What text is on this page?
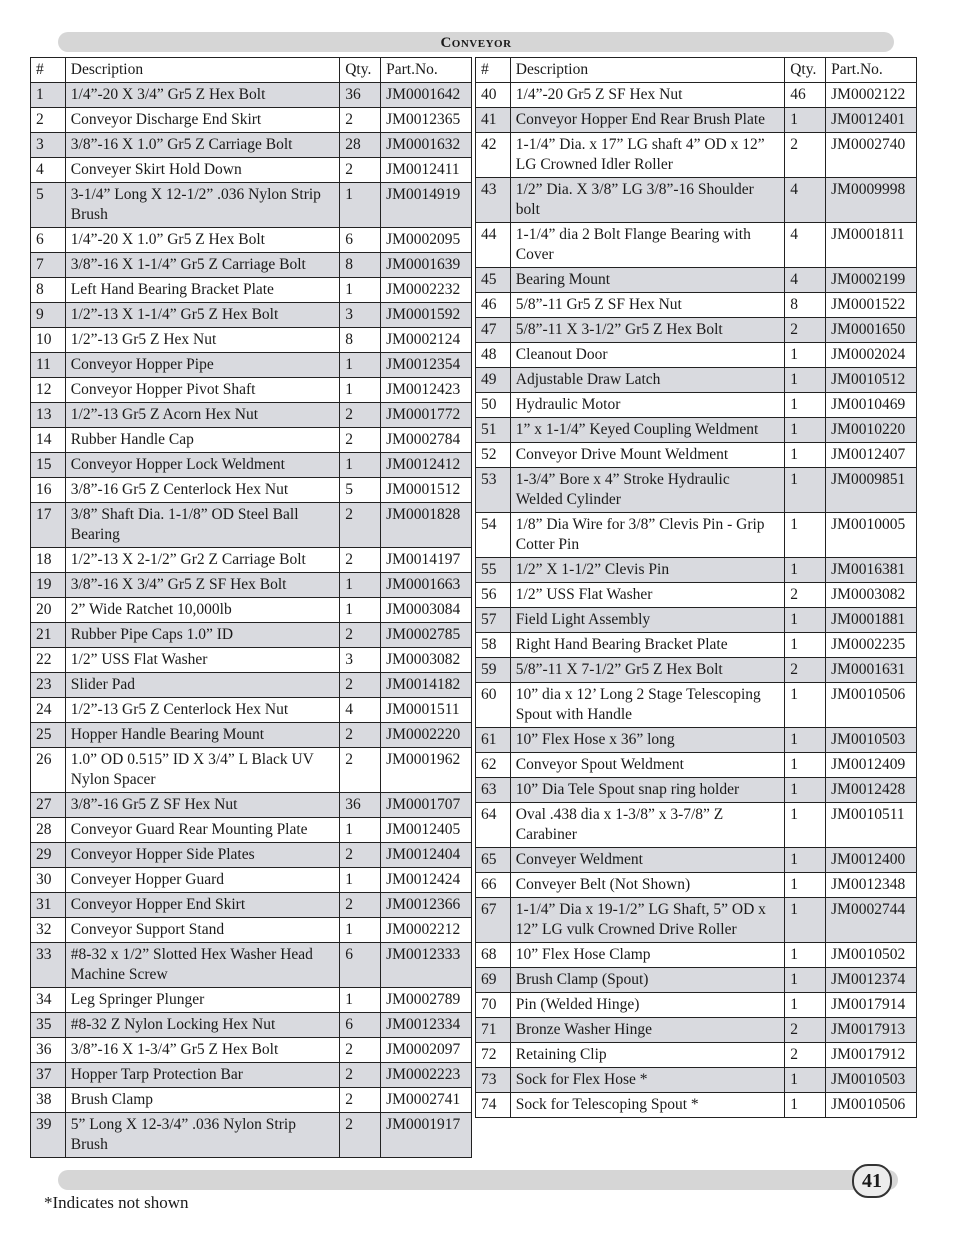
Conveyor
#	Description	Qty.	Part.No.
1	1/4”-20 X 3/4” Gr5 Z Hex Bolt	36	JM0001642
2	Conveyor Discharge End Skirt	2	JM0012365
3	3/8”-16 X 1.0” Gr5 Z Carriage Bolt	28	JM0001632
4	Conveyer Skirt Hold Down	2	JM0012411
5	3-1/4” Long X 12-1/2” .036 Nylon Strip Brush	1	JM0014919
6	1/4”-20 X 1.0” Gr5 Z Hex Bolt	6	JM0002095
7	3/8”-16 X 1-1/4” Gr5 Z Carriage Bolt	8	JM0001639
8	Left Hand Bearing Bracket Plate	1	JM0002232
9	1/2”-13 X 1-1/4” Gr5 Z Hex Bolt	3	JM0001592
10	1/2”-13 Gr5 Z Hex Nut	8	JM0002124
11	Conveyor Hopper Pipe	1	JM0012354
12	Conveyor Hopper Pivot Shaft	1	JM0012423
13	1/2”-13 Gr5 Z Acorn Hex Nut	2	JM0001772
14	Rubber Handle Cap	2	JM0002784
15	Conveyor Hopper Lock Weldment	1	JM0012412
16	3/8”-16 Gr5 Z Centerlock Hex Nut	5	JM0001512
17	3/8” Shaft Dia. 1-1/8” OD Steel Ball Bearing	2	JM0001828
18	1/2”-13 X 2-1/2” Gr2 Z Carriage Bolt	2	JM0014197
19	3/8”-16 X 3/4” Gr5 Z SF Hex Bolt	1	JM0001663
20	2” Wide Ratchet 10,000lb	1	JM0003084
21	Rubber Pipe Caps 1.0” ID	2	JM0002785
22	1/2” USS Flat Washer	3	JM0003082
23	Slider Pad	2	JM0014182
24	1/2”-13 Gr5 Z Centerlock Hex Nut	4	JM0001511
25	Hopper Handle Bearing Mount	2	JM0002220
26	1.0” OD 0.515” ID X 3/4” L Black UV Nylon Spacer	2	JM0001962
27	3/8”-16 Gr5 Z SF Hex Nut	36	JM0001707
28	Conveyor Guard Rear Mounting Plate	1	JM0012405
29	Conveyor Hopper Side Plates	2	JM0012404
30	Conveyer Hopper Guard	1	JM0012424
31	Conveyor Hopper End Skirt	2	JM0012366
32	Conveyor Support Stand	1	JM0002212
33	#8-32 x 1/2” Slotted Hex Washer Head Machine Screw	6	JM0012333
34	Leg Springer Plunger	1	JM0002789
35	#8-32 Z Nylon Locking Hex Nut	6	JM0012334
36	3/8”-16 X 1-3/4” Gr5 Z Hex Bolt	2	JM0002097
37	Hopper Tarp Protection Bar	2	JM0002223
38	Brush Clamp	2	JM0002741
39	5” Long X 12-3/4” .036 Nylon Strip Brush	2	JM0001917
#	Description	Qty.	Part.No.
40	1/4”-20 Gr5 Z SF Hex Nut	46	JM0002122
41	Conveyor Hopper End Rear Brush Plate	1	JM0012401
42	1-1/4” Dia. x 17” LG shaft 4” OD x 12” LG Crowned Idler Roller	2	JM0002740
43	1/2” Dia. X 3/8” LG 3/8”-16 Shoulder bolt	4	JM0009998
44	1-1/4” dia 2 Bolt Flange Bearing with Cover	4	JM0001811
45	Bearing Mount	4	JM0002199
46	5/8”-11 Gr5 Z SF Hex Nut	8	JM0001522
47	5/8”-11 X 3-1/2” Gr5 Z Hex Bolt	2	JM0001650
48	Cleanout Door	1	JM0002024
49	Adjustable Draw Latch	1	JM0010512
50	Hydraulic Motor	1	JM0010469
51	1” x 1-1/4” Keyed Coupling Weldment	1	JM0010220
52	Conveyor Drive Mount Weldment	1	JM0012407
53	1-3/4” Bore x 4” Stroke Hydraulic Welded Cylinder	1	JM0009851
54	1/8” Dia Wire for 3/8” Clevis Pin - Grip Cotter Pin	1	JM0010005
55	1/2” X 1-1/2” Clevis Pin	1	JM0016381
56	1/2” USS Flat Washer	2	JM0003082
57	Field Light Assembly	1	JM0001881
58	Right Hand Bearing Bracket Plate	1	JM0002235
59	5/8”-11 X 7-1/2” Gr5 Z Hex Bolt	2	JM0001631
60	10” dia x 12’ Long 2 Stage Telescoping Spout with Handle	1	JM0010506
61	10” Flex Hose x 36” long	1	JM0010503
62	Conveyor Spout Weldment	1	JM0012409
63	10” Dia Tele Spout snap ring holder	1	JM0012428
64	Oval .438 dia x 1-3/8” x 3-7/8” Z Carabiner	1	JM0010511
65	Conveyer Weldment	1	JM0012400
66	Conveyer Belt (Not Shown)	1	JM0012348
67	1-1/4” Dia x 19-1/2” LG Shaft, 5” OD x 12” LG vulk Crowned Drive Roller	1	JM0002744
68	10” Flex Hose Clamp	1	JM0010502
69	Brush Clamp (Spout)	1	JM0012374
70	Pin (Welded Hinge)	1	JM0017914
71	Bronze Washer Hinge	2	JM0017913
72	Retaining Clip	2	JM0017912
73	Sock for Flex Hose *	1	JM0010503
74	Sock for Telescoping Spout *	1	JM0010506
41
*Indicates not shown
